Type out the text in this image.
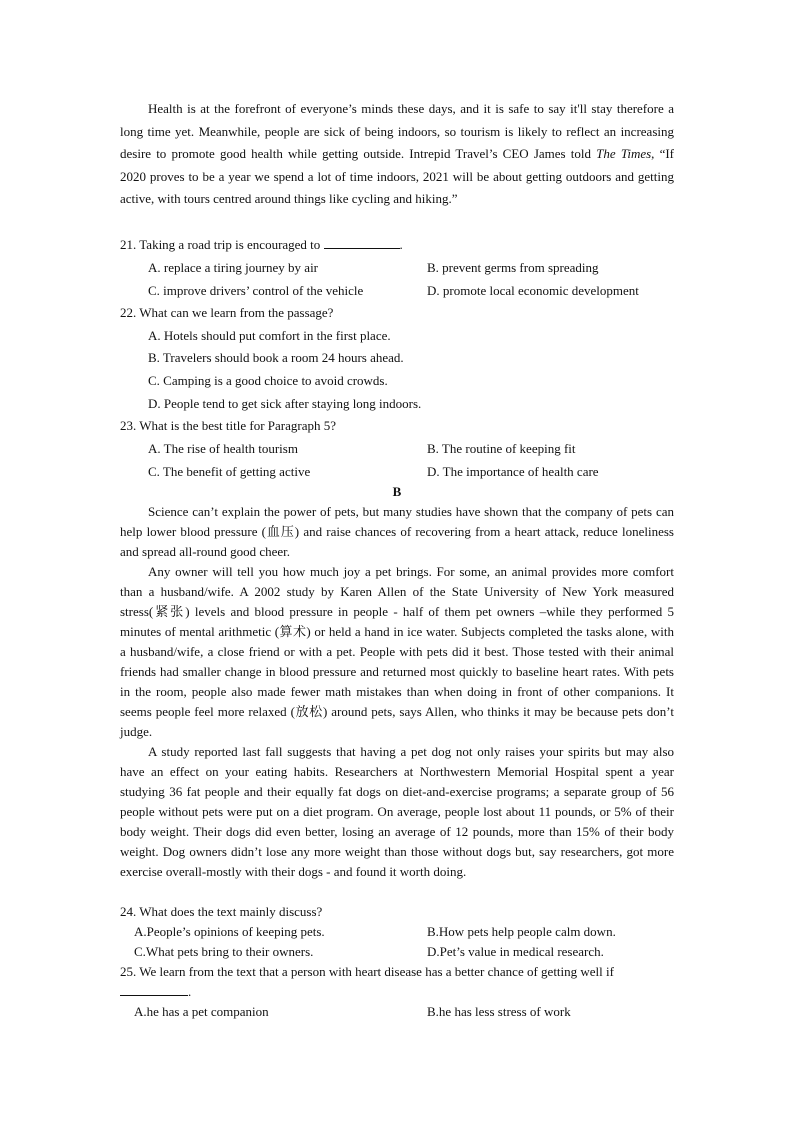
Health is at the forefront of everyone’s minds these days, and it is safe to say it'll stay therefore a long time yet. Meanwhile, people are sick of being indoors, so tourism is likely to reflect an increasing desire to promote good health while getting outside. Intrepid Travel’s CEO James told The Times, “If 2020 proves to be a year we spend a lot of time indoors, 2021 will be about getting outdoors and getting active, with tours centred around things like cycling and hiking.”

21. Taking a road trip is encouraged to	.
A. replace a tiring journey by air	B. prevent germs from spreading
C. improve drivers’ control of the vehicle	D. promote local economic development
22. What can we learn from the passage?
A. Hotels should put comfort in the first place.
B. Travelers should book a room 24 hours ahead.
C. Camping is a good choice to avoid crowds.
D. People tend to get sick after staying long indoors.
23. What is the best title for Paragraph 5?
A. The rise of health tourism	B. The routine of keeping fit
C. The benefit of getting active	D. The importance of health care
B

Science can’t explain the power of pets, but many studies have shown that the company of pets can help lower blood pressure (血压) and raise chances of recovering from a heart attack, reduce loneliness and spread all-round good cheer.

Any owner will tell you how much joy a pet brings. For some, an animal provides more comfort than a husband/wife. A 2002 study by Karen Allen of the State University of New York measured stress(紧张) levels and blood pressure in people - half of them pet owners –while they performed 5 minutes of mental arithmetic (算术) or held a hand in ice water. Subjects completed the tasks alone, with a husband/wife, a close friend or with a pet. People with pets did it best. Those tested with their animal friends had smaller change in blood pressure and returned most quickly to baseline heart rates. With pets in the room, people also made fewer math mistakes than when doing in front of other companions. It seems people feel more relaxed (放松) around pets, says Allen, who thinks it may be because pets don’t judge.

A study reported last fall suggests that having a pet dog not only raises your spirits but may also have an effect on your eating habits. Researchers at Northwestern Memorial Hospital spent a year studying 36 fat people and their equally fat dogs on diet-and-exercise programs; a separate group of 56 people without pets were put on a diet program. On average, people lost about 11 pounds, or 5% of their body weight. Their dogs did even better, losing an average of 12 pounds, more than 15% of their body weight. Dog owners didn’t lose any more weight than those without dogs but, say researchers, got more exercise overall-mostly with their dogs - and found it worth doing.

24. What does the text mainly discuss?
A.People’s opinions of keeping pets.	B.How pets help people calm down.
C.What pets bring to their owners.	D.Pet’s value in medical research.
25. We learn from the text that a person with heart disease has a better chance of getting well if
.
A.he has a pet companion	B.he has less stress of work
